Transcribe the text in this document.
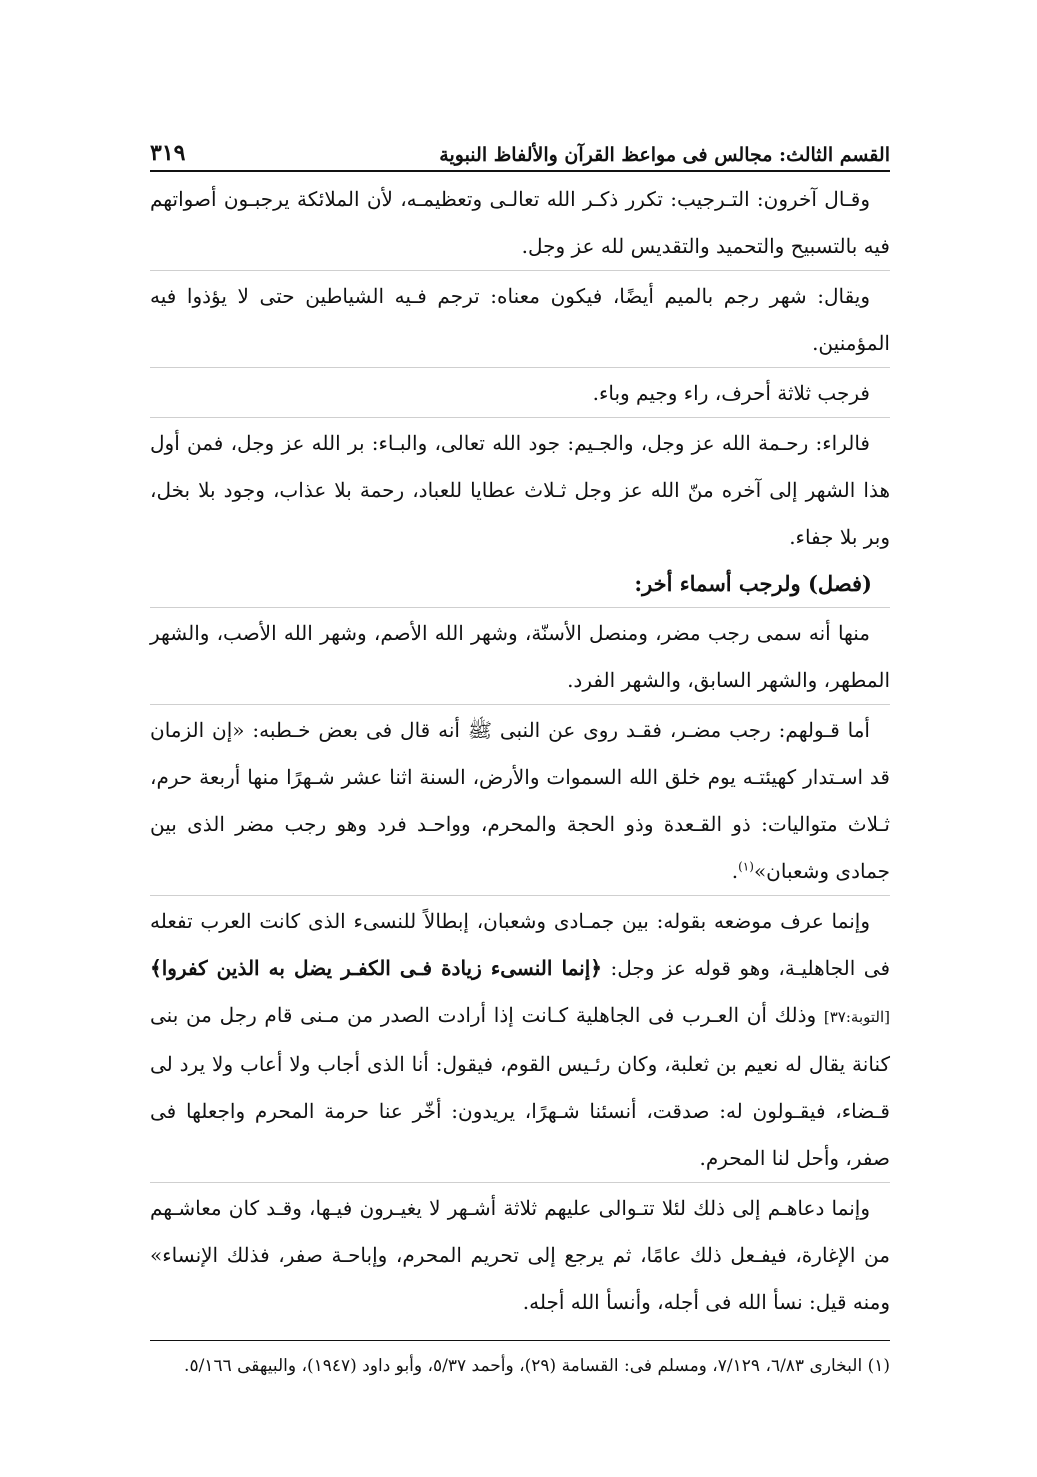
القسم الثالث: مجالس فى مواعظ القرآن والألفاظ النبوية
٣١٩

وقـال آخرون: التـرجيب: تكرر ذكـر الله تعالـى وتعظيمـه، لأن الملائكة يرجبـون أصواتهم فيه بالتسبيح والتحميد والتقديس لله عز وجل.

ويقال: شهر رجم بالميم أيضًا، فيكون معناه: ترجم فـيه الشياطين حتى لا يؤذوا فيه المؤمنين.

فرجب ثلاثة أحرف، راء وجيم وباء.

فالراء: رحـمة الله عز وجل، والجـيم: جود الله تعالى، والبـاء: بر الله عز وجل، فمن أول هذا الشهر إلى آخره منّ الله عز وجل ثـلاث عطايا للعباد، رحمة بلا عذاب، وجود بلا بخل، وبر بلا جفاء.

(فصل) ولرجب أسماء أخر:

منها أنه سمى رجب مضر، ومنصل الأسنّة، وشهر الله الأصم، وشهر الله الأصب، والشهر المطهر، والشهر السابق، والشهر الفرد.

أما قـولهم: رجب مضـر، فقـد روى عن النبى ﷺ أنه قال فى بعض خـطبه: «إن الزمان قد اسـتدار كهيئتـه يوم خلق الله السموات والأرض، السنة اثنا عشر شـهرًا منها أربعة حرم، ثـلاث متواليات: ذو القـعدة وذو الحجة والمحرم، وواحـد فرد وهو رجب مضر الذى بين جمادى وشعبان»$^{(١)}$.

وإنما عرف موضعه بقوله: بين جمـادى وشعبان، إبطالاً للنسىء الذى كانت العرب تفعله فى الجاهليـة، وهو قوله عز وجل: ﴿إنما النسىء زيادة فـى الكفـر يضل به الذين كفروا﴾ [التوبة:٣٧] وذلك أن العـرب فى الجاهلية كـانت إذا أرادت الصدر من مـنى قام رجل من بنى كنانة يقال له نعيم بن ثعلبة، وكان رئـيس القوم، فيقول: أنا الذى أجاب ولا أعاب ولا يرد لى قـضاء، فيقـولون له: صدقت، أنسئنا شـهرًا، يريدون: أخّر عنا حرمة المحرم واجعلها فى صفر، وأحل لنا المحرم.

وإنما دعاهـم إلى ذلك لئلا تتـوالى عليهم ثلاثة أشـهر لا يغيـرون فيـها، وقـد كان معاشـهم من الإغارة، فيفـعل ذلك عامًا، ثم يرجع إلى تحريم المحرم، وإباحـة صفر، فذلك الإنساء» ومنه قيل: نسأ الله فى أجله، وأنسأ الله أجله.

(١) البخارى ٦/٨٣، ٧/١٢٩، ومسلم فى: القسامة (٢٩)، وأحمد ٥/٣٧، وأبو داود (١٩٤٧)، والبيهقى ٥/١٦٦.
